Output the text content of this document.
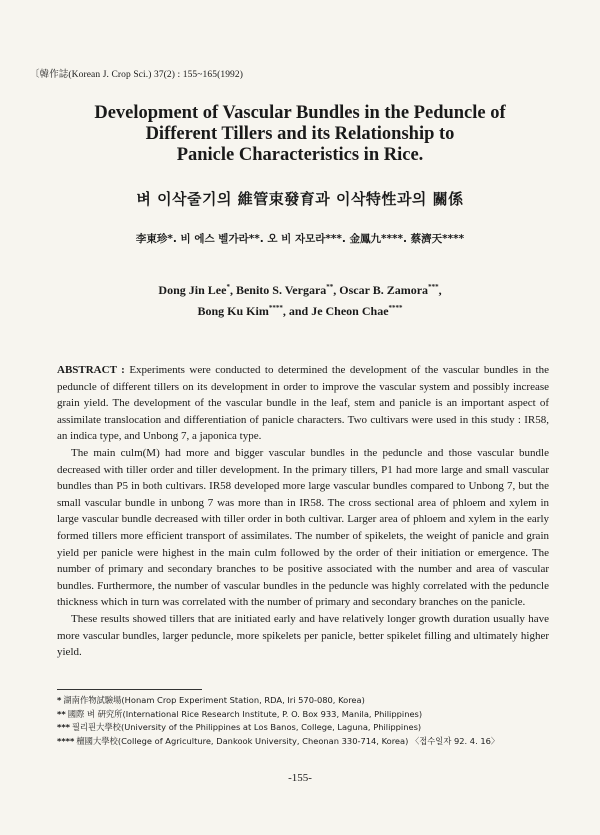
〔韓作誌(Korean J. Crop Sci.) 37(2) : 155~165(1992)
Development of Vascular Bundles in the Peduncle of
Different Tillers and its Relationship to
Panicle Characteristics in Rice.
벼 이삭줄기의 維管束發育과 이삭特性과의 關係
李東珍*. 비 에스 벨가라**. 오 비 자모라***. 金鳳九****. 蔡濟天****
Dong Jin Lee*, Benito S. Vergara**, Oscar B. Zamora***,
Bong Ku Kim****, and Je Cheon Chae****

ABSTRACT : Experiments were conducted to determined the development of the vascular bundles in the peduncle of different tillers on its development in order to improve the vascular system and possibly increase grain yield. The development of the vascular bundle in the leaf, stem and panicle is an important aspect of assimilate translocation and differentiation of panicle characters. Two cultivars were used in this study : IR58, an indica type, and Unbong 7, a japonica type.

The main culm(M) had more and bigger vascular bundles in the peduncle and those vascular bundle decreased with tiller order and tiller development. In the primary tillers, P1 had more large and small vascular bundles than P5 in both cultivars. IR58 developed more large vascular bundles compared to Unbong 7, but the small vascular bundle in unbong 7 was more than in IR58. The cross sectional area of phloem and xylem in large vascular bundle decreased with tiller order in both cultivar. Larger area of phloem and xylem in the early formed tillers more efficient transport of assimilates. The number of spikelets, the weight of panicle and grain yield per panicle were highest in the main culm followed by the order of their initiation or emergence. The number of primary and secondary branches to be positive associated with the number and area of vascular bundles. Furthermore, the number of vascular bundles in the peduncle was highly correlated with the peduncle thickness which in turn was correlated with the number of primary and secondary branches on the panicle.

These results showed tillers that are initiated early and have relatively longer growth duration usually have more vascular bundles, larger peduncle, more spikelets per panicle, better spikelet filling and ultimately higher yield.

* 湖南作物試驗場(Honam Crop Experiment Station, RDA, Iri 570-080, Korea)
** 國際 벼 硏究所(International Rice Research Institute, P. O. Box 933, Manila, Philippines)
*** 필리핀大學校(University of the Philippines at Los Banos, College, Laguna, Philippines)
**** 檀國大學校(College of Agriculture, Dankook University, Cheonan 330-714, Korea) 〈접수일자 92. 4. 16〉
-155-
